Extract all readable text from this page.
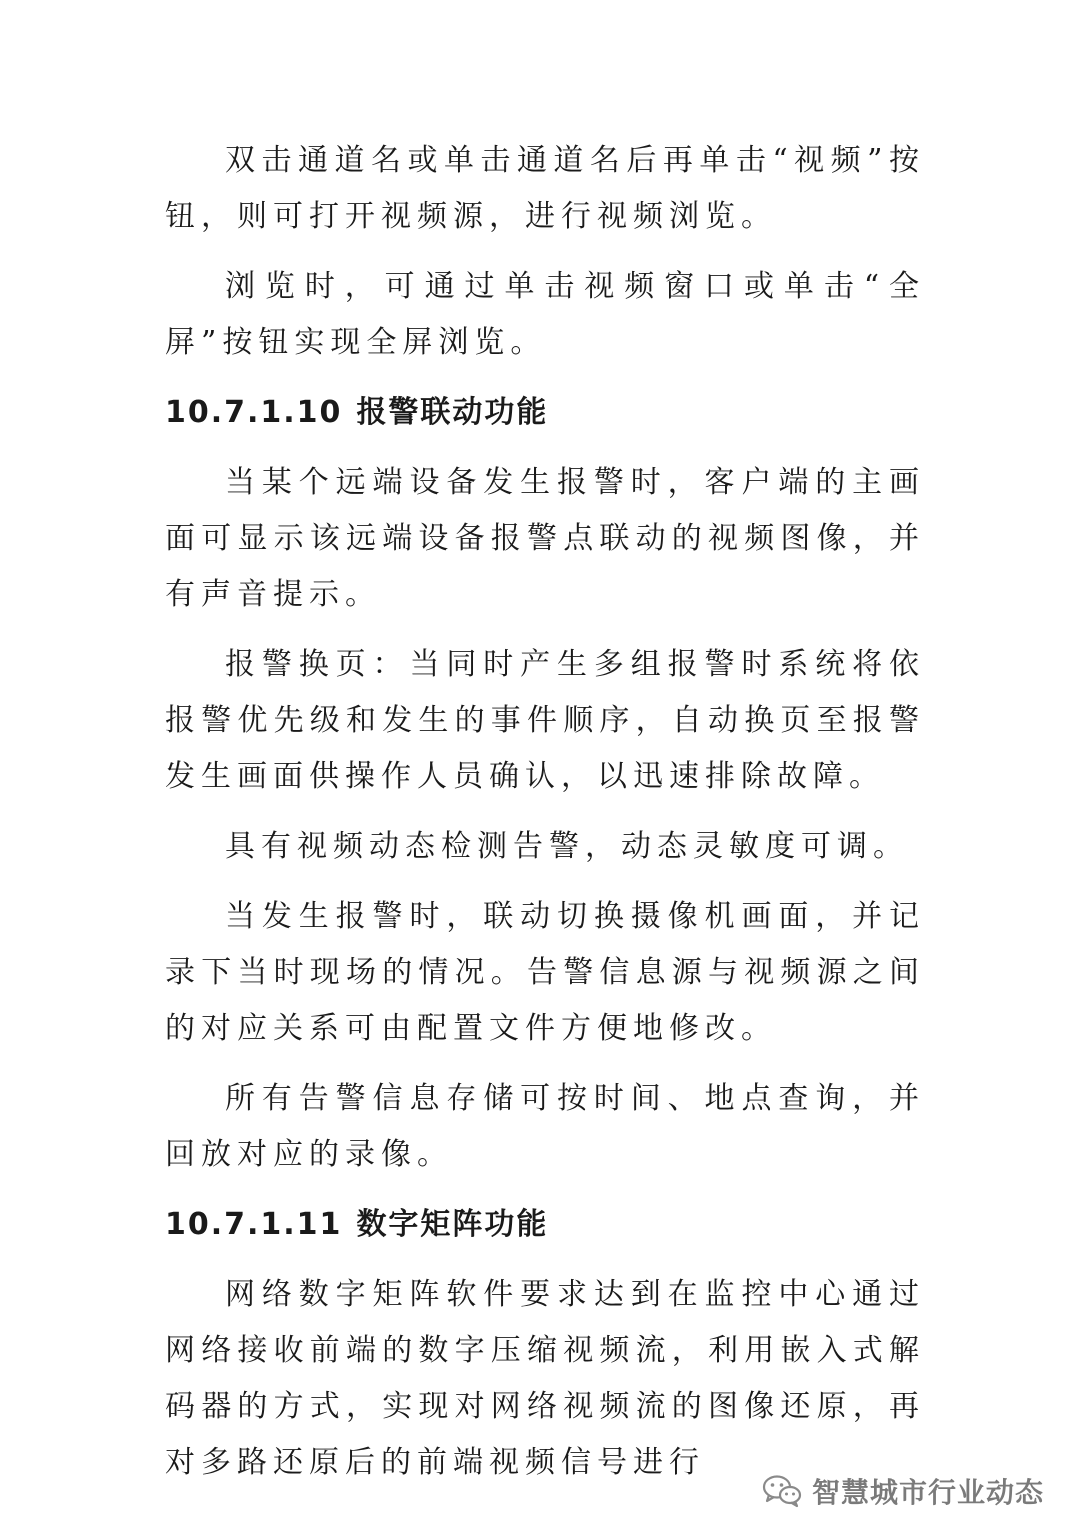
双击通道名或单击通道名后再单击“视频”按钮，则可打开视频源，进行视频浏览。

浏览时，可通过单击视频窗口或单击“全屏”按钮实现全屏浏览。

10.7.1.10 报警联动功能

当某个远端设备发生报警时，客户端的主画面可显示该远端设备报警点联动的视频图像，并有声音提示。

报警换页：当同时产生多组报警时系统将依报警优先级和发生的事件顺序，自动换页至报警发生画面供操作人员确认，以迅速排除故障。

具有视频动态检测告警，动态灵敏度可调。

当发生报警时，联动切换摄像机画面，并记录下当时现场的情况。告警信息源与视频源之间的对应关系可由配置文件方便地修改。

所有告警信息存储可按时间、地点查询，并回放对应的录像。

10.7.1.11 数字矩阵功能

网络数字矩阵软件要求达到在监控中心通过网络接收前端的数字压缩视频流，利用嵌入式解码器的方式，实现对网络视频流的图像还原，再对多路还原后的前端视频信号进行

智慧城市行业动态
